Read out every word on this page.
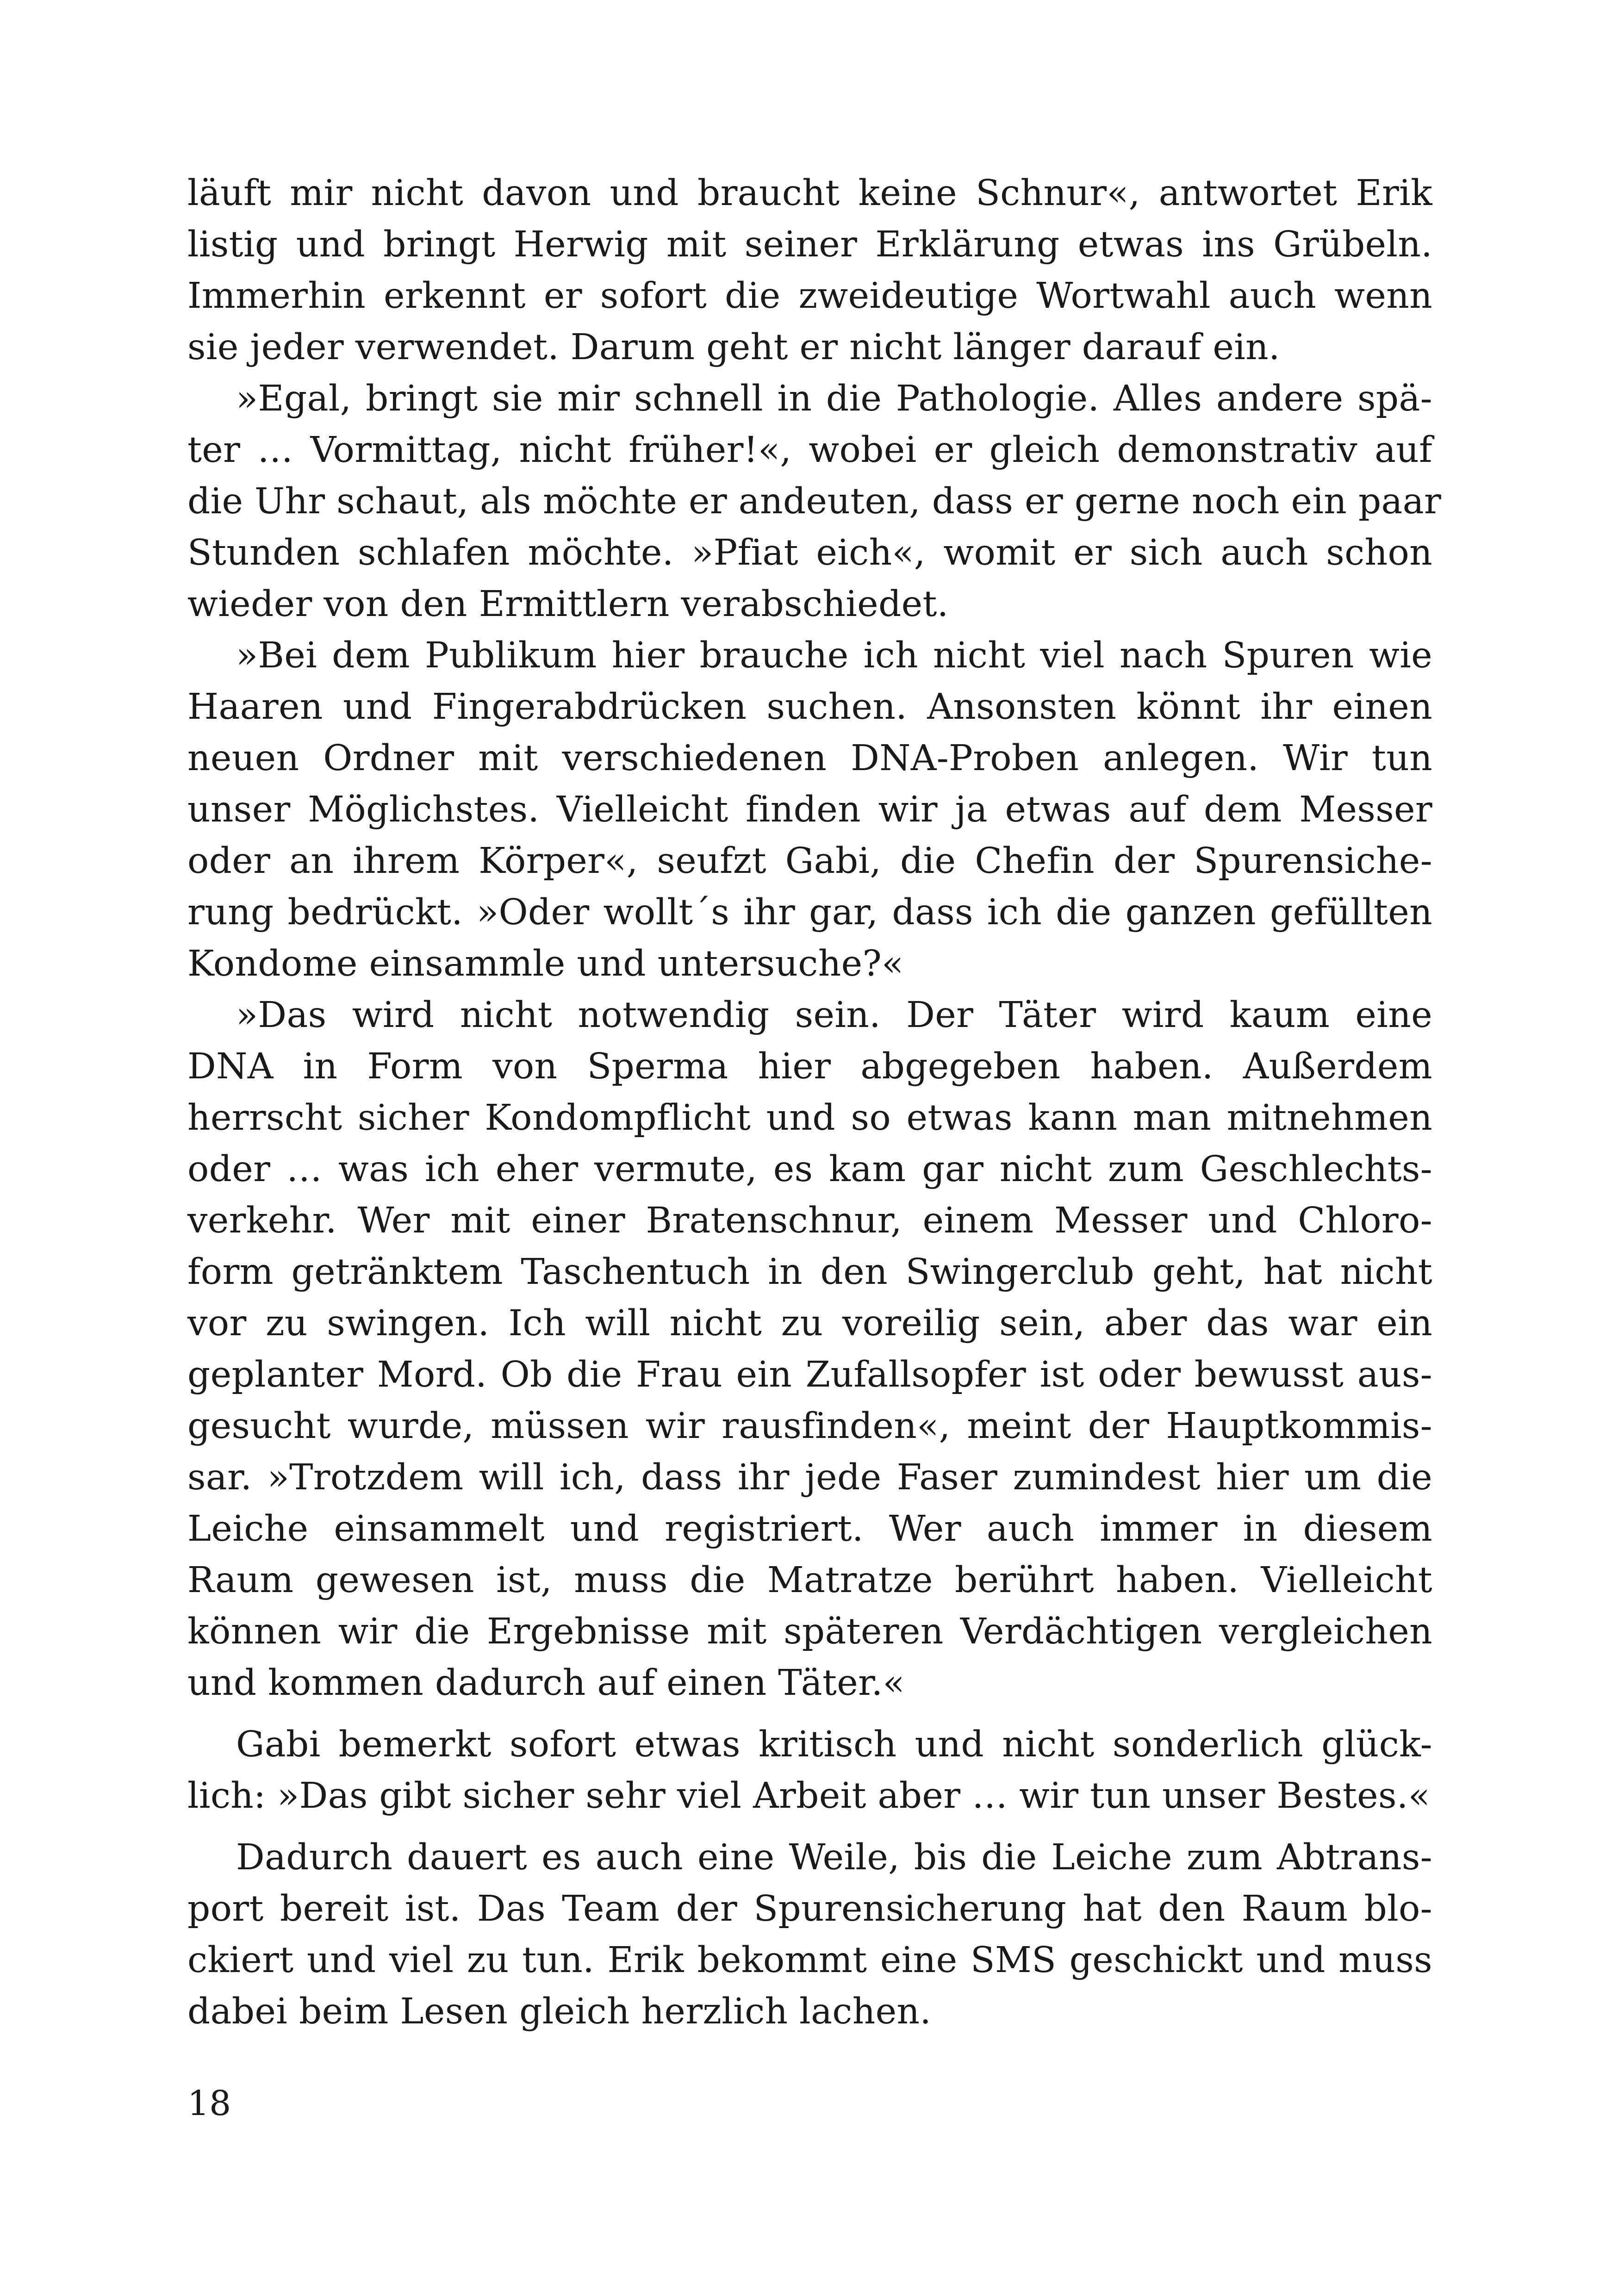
läuft mir nicht davon und braucht keine Schnur«, antwortet Erik
listig und bringt Herwig mit seiner Erklärung etwas ins Grübeln.
Immerhin erkennt er sofort die zweideutige Wortwahl auch wenn
sie jeder verwendet. Darum geht er nicht länger darauf ein.
»Egal, bringt sie mir schnell in die Pathologie. Alles andere spä-
ter … Vormittag, nicht früher!«, wobei er gleich demonstrativ auf
die Uhr schaut, als möchte er andeuten, dass er gerne noch ein paar
Stunden schlafen möchte. »Pfiat eich«, womit er sich auch schon
wieder von den Ermittlern verabschiedet.
»Bei dem Publikum hier brauche ich nicht viel nach Spuren wie
Haaren und Fingerabdrücken suchen. Ansonsten könnt ihr einen
neuen Ordner mit verschiedenen DNA-Proben anlegen. Wir tun
unser Möglichstes. Vielleicht finden wir ja etwas auf dem Messer
oder an ihrem Körper«, seufzt Gabi, die Chefin der Spurensiche-
rung bedrückt. »Oder wollt´s ihr gar, dass ich die ganzen gefüllten
Kondome einsammle und untersuche?«
»Das wird nicht notwendig sein. Der Täter wird kaum eine
DNA in Form von Sperma hier abgegeben haben. Außerdem
herrscht sicher Kondompflicht und so etwas kann man mitnehmen
oder … was ich eher vermute, es kam gar nicht zum Geschlechts-
verkehr. Wer mit einer Bratenschnur, einem Messer und Chloro-
form getränktem Taschentuch in den Swingerclub geht, hat nicht
vor zu swingen. Ich will nicht zu voreilig sein, aber das war ein
geplanter Mord. Ob die Frau ein Zufallsopfer ist oder bewusst aus-
gesucht wurde, müssen wir rausfinden«, meint der Hauptkommis-
sar. »Trotzdem will ich, dass ihr jede Faser zumindest hier um die
Leiche einsammelt und registriert. Wer auch immer in diesem
Raum gewesen ist, muss die Matratze berührt haben. Vielleicht
können wir die Ergebnisse mit späteren Verdächtigen vergleichen
und kommen dadurch auf einen Täter.«
Gabi bemerkt sofort etwas kritisch und nicht sonderlich glück-
lich: »Das gibt sicher sehr viel Arbeit aber … wir tun unser Bestes.«
Dadurch dauert es auch eine Weile, bis die Leiche zum Abtrans-
port bereit ist. Das Team der Spurensicherung hat den Raum blo-
ckiert und viel zu tun. Erik bekommt eine SMS geschickt und muss
dabei beim Lesen gleich herzlich lachen.
18
